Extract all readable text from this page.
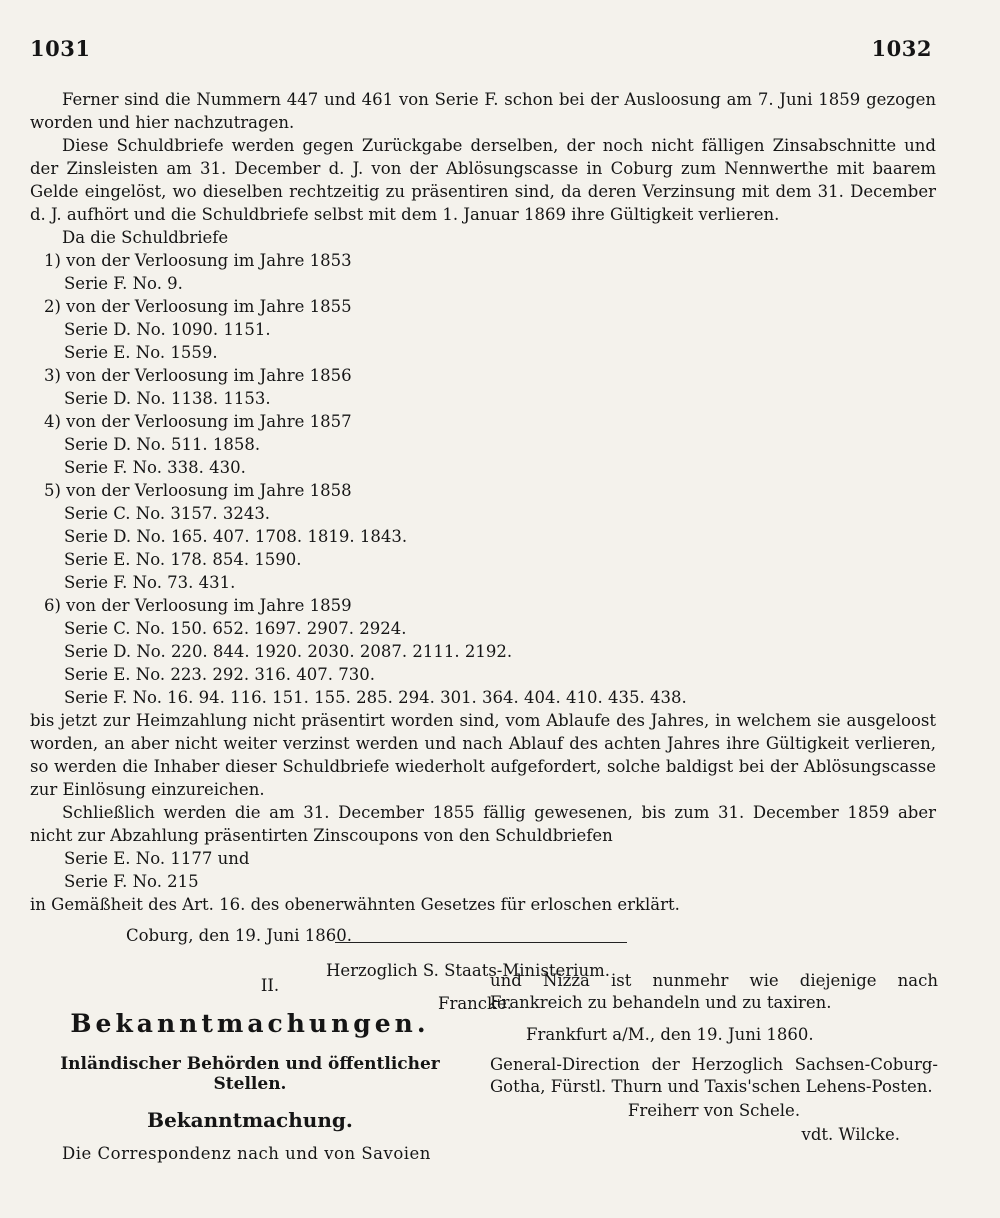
1031	1032

Ferner sind die Nummern 447 und 461 von Serie F. schon bei der Ausloosung am 7. Juni 1859 gezogen worden und hier nachzutragen.

Diese Schuldbriefe werden gegen Zurückgabe derselben, der noch nicht fälligen Zinsabschnitte und der Zinsleisten am 31. December d. J. von der Ablösungscasse in Coburg zum Nennwerthe mit baarem Gelde eingelöst, wo dieselben rechtzeitig zu präsentiren sind, da deren Verzinsung mit dem 31. December d. J. aufhört und die Schuldbriefe selbst mit dem 1. Januar 1869 ihre Gültigkeit verlieren.

Da die Schuldbriefe

1) von der Verloosung im Jahre 1853
Serie F. No. 9.
2) von der Verloosung im Jahre 1855
Serie D. No. 1090. 1151.
Serie E. No. 1559.
3) von der Verloosung im Jahre 1856
Serie D. No. 1138. 1153.
4) von der Verloosung im Jahre 1857
Serie D. No. 511. 1858.
Serie F. No. 338. 430.
5) von der Verloosung im Jahre 1858
Serie C. No. 3157. 3243.
Serie D. No. 165. 407. 1708. 1819. 1843.
Serie E. No. 178. 854. 1590.
Serie F. No. 73. 431.
6) von der Verloosung im Jahre 1859
Serie C. No. 150. 652. 1697. 2907. 2924.
Serie D. No. 220. 844. 1920. 2030. 2087. 2111. 2192.
Serie E. No. 223. 292. 316. 407. 730.
Serie F. No. 16. 94. 116. 151. 155. 285. 294. 301. 364. 404. 410. 435. 438.

bis jetzt zur Heimzahlung nicht präsentirt worden sind, vom Ablaufe des Jahres, in welchem sie ausgeloost worden, an aber nicht weiter verzinst werden und nach Ablauf des achten Jahres ihre Gültigkeit verlieren, so werden die Inhaber dieser Schuldbriefe wiederholt aufgefordert, solche baldigst bei der Ablösungscasse zur Einlösung einzureichen.

Schließlich werden die am 31. December 1855 fällig gewesenen, bis zum 31. December 1859 aber nicht zur Abzahlung präsentirten Zinscoupons von den Schuldbriefen

Serie E. No. 1177 und
Serie F. No. 215

in Gemäßheit des Art. 16. des obenerwähnten Gesetzes für erloschen erklärt.

Coburg, den 19. Juni 1860.
Herzoglich S. Staats-Ministerium.
Francke.
II.
Bekanntmachungen.
Inländischer Behörden und öffentlicher Stellen.
Bekanntmachung.
Die Correspondenz nach und von Savoien
und Nizza ist nunmehr wie diejenige nach Frankreich zu behandeln und zu taxiren.
Frankfurt a/M., den 19. Juni 1860.
General-Direction der Herzoglich Sachsen-Coburg-Gotha, Fürstl. Thurn und Taxis'schen Lehens-Posten.
Freiherr von Schele.
vdt. Wilcke.
